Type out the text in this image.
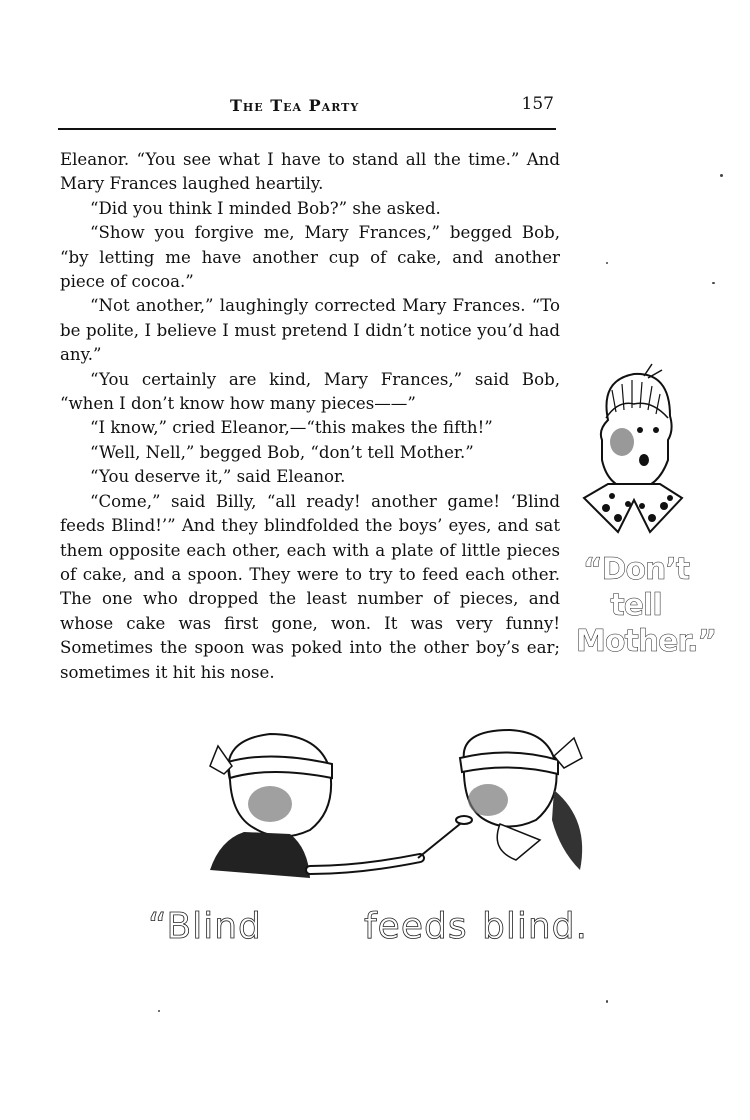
The Tea Party	157

Eleanor. “You see what I have to stand all the time.” And Mary Frances laughed heartily.

“Did you think I minded Bob?” she asked.

“Show you forgive me, Mary Frances,” begged Bob, “by letting me have another cup of cake, and another piece of cocoa.”

“Not another,” laughingly corrected Mary Frances. “To be polite, I believe I must pretend I didn’t notice you’d had any.”

“You certainly are kind, Mary Frances,” said Bob, “when I don’t know how many pieces——”

“I know,” cried Eleanor,—“this makes the fifth!”

“Well, Nell,” begged Bob, “don’t tell Mother.”

“You deserve it,” said Eleanor.

“Come,” said Billy, “all ready! another game! ‘Blind feeds Blind!’” And they blindfolded the boys’ eyes, and sat them opposite each other, each with a plate of little pieces of cake, and a spoon. They were to try to feed each other. The one who dropped the least number of pieces, and whose cake was first gone, won. It was very funny! Sometimes the spoon was poked into the other boy’s ear; sometimes it hit his nose.

“Don’t
tell
Mother.”
“Blind	feeds blind.
